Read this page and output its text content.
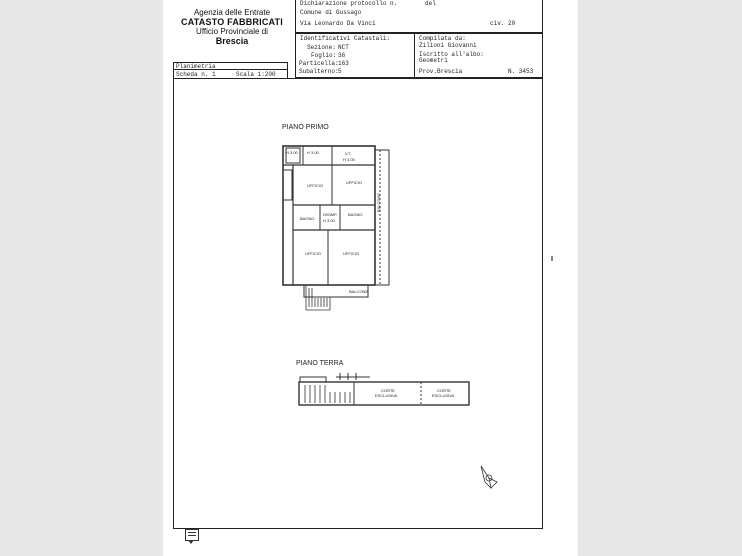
Agenzia delle Entrate
CATASTO FABBRICATI
Ufficio Provinciale di
Brescia
Dichiarazione protocollo n.	del
Comune di Gussago
Via Leonardo Da Vinci	civ. 20
Identificativi Catastali:
Sezione: NCT
Foglio: 36
Particella: 163
Subalterno: 5
Compilata da:
Zilioni Giovanni
Iscritto all'albo:
Geometri
Prov.Brescia	N. 3453
Planimetria
Scheda n. 1	Scala 1:200
PIANO PRIMO
PIANO TERRA
H 3.00 H 3.00	V.T.
H 3.00
UFFICIO
UFFICIO
BAGNO
DISIMP.
H 3.00
BAGNO
UFFICIO	UFFICIO
BALCONE
BALCONE
CORTE
ESCLUSIVA
CORTE
ESCLUSIVA
